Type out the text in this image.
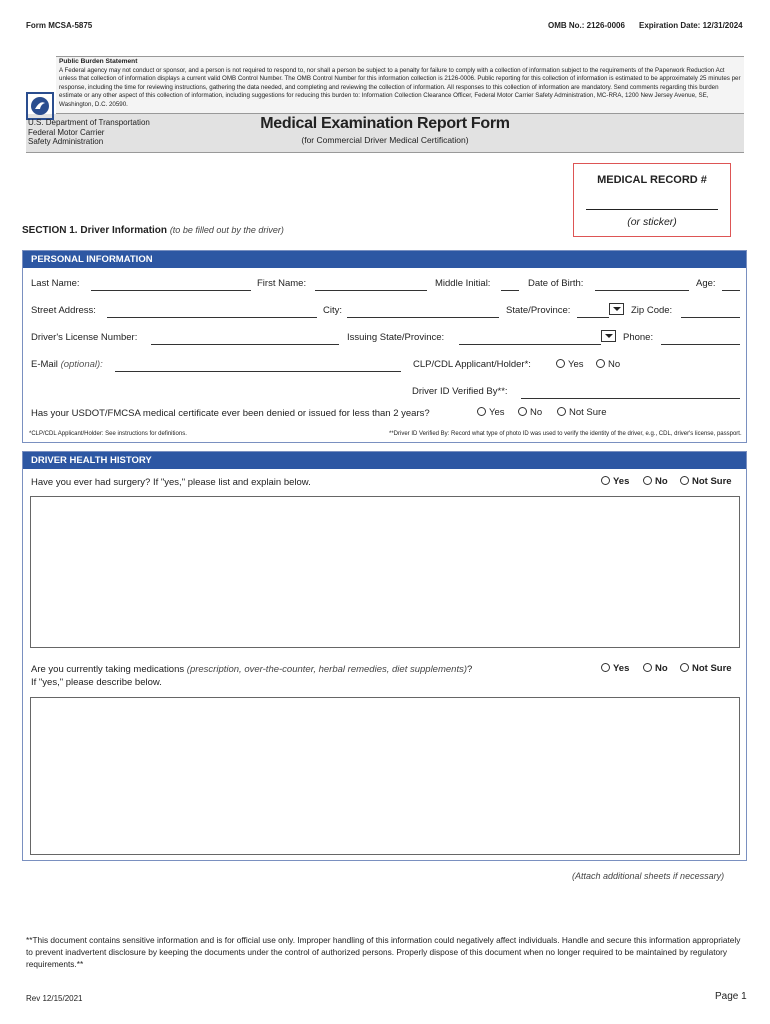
Form MCSA-5875	OMB No.: 2126-0006 Expiration Date: 12/31/2024
Public Burden Statement
A Federal agency may not conduct or sponsor, and a person is not required to respond to, nor shall a person be subject to a penalty for failure to comply with a collection of information subject to the requirements of the Paperwork Reduction Act unless that collection of information displays a current valid OMB Control Number. The OMB Control Number for this information collection is 2126-0006. Public reporting for this collection of information is estimated to be approximately 25 minutes per response, including the time for reviewing instructions, gathering the data needed, and completing and reviewing the collection of information. All responses to this collection of information are mandatory. Send comments regarding this burden estimate or any other aspect of this collection of information, including suggestions for reducing this burden to: Information Collection Clearance Officer, Federal Motor Carrier Safety Administration, MC-RRA, 1200 New Jersey Avenue, SE, Washington, D.C. 20590.
U.S. Department of Transportation
Federal Motor Carrier
Safety Administration
Medical Examination Report Form
(for Commercial Driver Medical Certification)
MEDICAL RECORD #
(or sticker)
SECTION 1. Driver Information (to be filled out by the driver)
PERSONAL INFORMATION
Last Name:	First Name:	Middle Initial:	Date of Birth:	Age:
Street Address:	City:	State/Province:	Zip Code:
Driver's License Number:	Issuing State/Province:	Phone:
E-Mail (optional):	CLP/CDL Applicant/Holder*:	Yes	No
Driver ID Verified By**:
Has your USDOT/FMCSA medical certificate ever been denied or issued for less than 2 years?	Yes	No	Not Sure
*CLP/CDL Applicant/Holder: See instructions for definitions.	**Driver ID Verified By: Record what type of photo ID was used to verify the identity of the driver, e.g., CDL, driver's license, passport.
DRIVER HEALTH HISTORY
Have you ever had surgery? If "yes," please list and explain below.	Yes	No	Not Sure
Are you currently taking medications (prescription, over-the-counter, herbal remedies, diet supplements)?
If "yes," please describe below.
Yes	No	Not Sure
(Attach additional sheets if necessary)
**This document contains sensitive information and is for official use only. Improper handling of this information could negatively affect individuals. Handle and secure this information appropriately to prevent inadvertent disclosure by keeping the documents under the control of authorized persons. Properly dispose of this document when no longer required to be maintained by regulatory requirements.**
Rev 12/15/2021	Page 1
